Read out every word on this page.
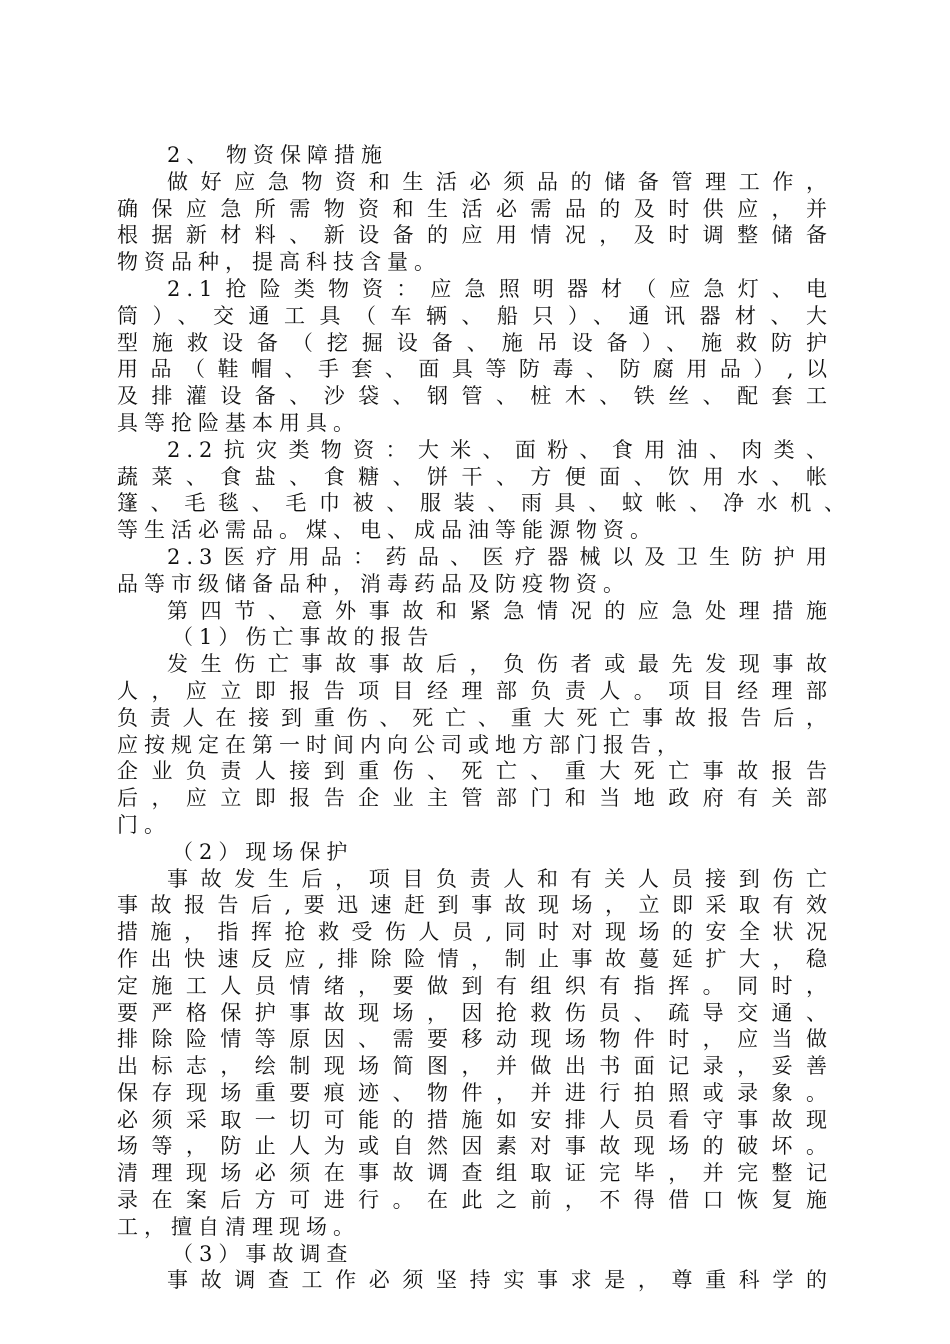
2、 物资保障措施
做好应急物资和生活必须品的储备管理工作，
确保应急所需物资和生活必需品的及时供应，并
根据新材料、新设备的应用情况，及时调整储备
物资品种，提高科技含量。
2.1抢险类物资：应急照明器材（应急灯、电
筒）、交通工具（车辆、船只）、通讯器材、大
型施救设备（挖掘设备、施吊设备）、施救防护
用品（鞋帽、手套、面具等防毒、防腐用品）,以
及排灌设备、沙袋、钢管、桩木、铁丝、配套工
具等抢险基本用具。
2.2抗灾类物资：大米、面粉、食用油、肉类、
蔬菜、食盐、食糖、饼干、方便面、饮用水、帐
篷、毛毯、毛巾被、服装、雨具、蚊帐、净水机、
等生活必需品。煤、电、成品油等能源物资。
2.3医疗用品：药品、医疗器械以及卫生防护用
品等市级储备品种，消毒药品及防疫物资。
第四节、意外事故和紧急情况的应急处理措施
（1）伤亡事故的报告
发生伤亡事故事故后，负伤者或最先发现事故
人，应立即报告项目经理部负责人。项目经理部
负责人在接到重伤、死亡、重大死亡事故报告后，
应按规定在第一时间内向公司或地方部门报告，
企业负责人接到重伤、死亡、重大死亡事故报告
后，应立即报告企业主管部门和当地政府有关部
门。
（2）现场保护
事故发生后，项目负责人和有关人员接到伤亡
事故报告后,要迅速赶到事故现场，立即采取有效
措施，指挥抢救受伤人员,同时对现场的安全状况
作出快速反应,排除险情，制止事故蔓延扩大，稳
定施工人员情绪，要做到有组织有指挥。同时，
要严格保护事故现场，因抢救伤员、疏导交通、
排除险情等原因、需要移动现场物件时，应当做
出标志，绘制现场简图，并做出书面记录，妥善
保存现场重要痕迹、物件，并进行拍照或录象。
必须采取一切可能的措施如安排人员看守事故现
场等，防止人为或自然因素对事故现场的破坏。
清理现场必须在事故调查组取证完毕，并完整记
录在案后方可进行。在此之前，不得借口恢复施
工，擅自清理现场。
（3）事故调查
事故调查工作必须坚持实事求是，尊重科学的
